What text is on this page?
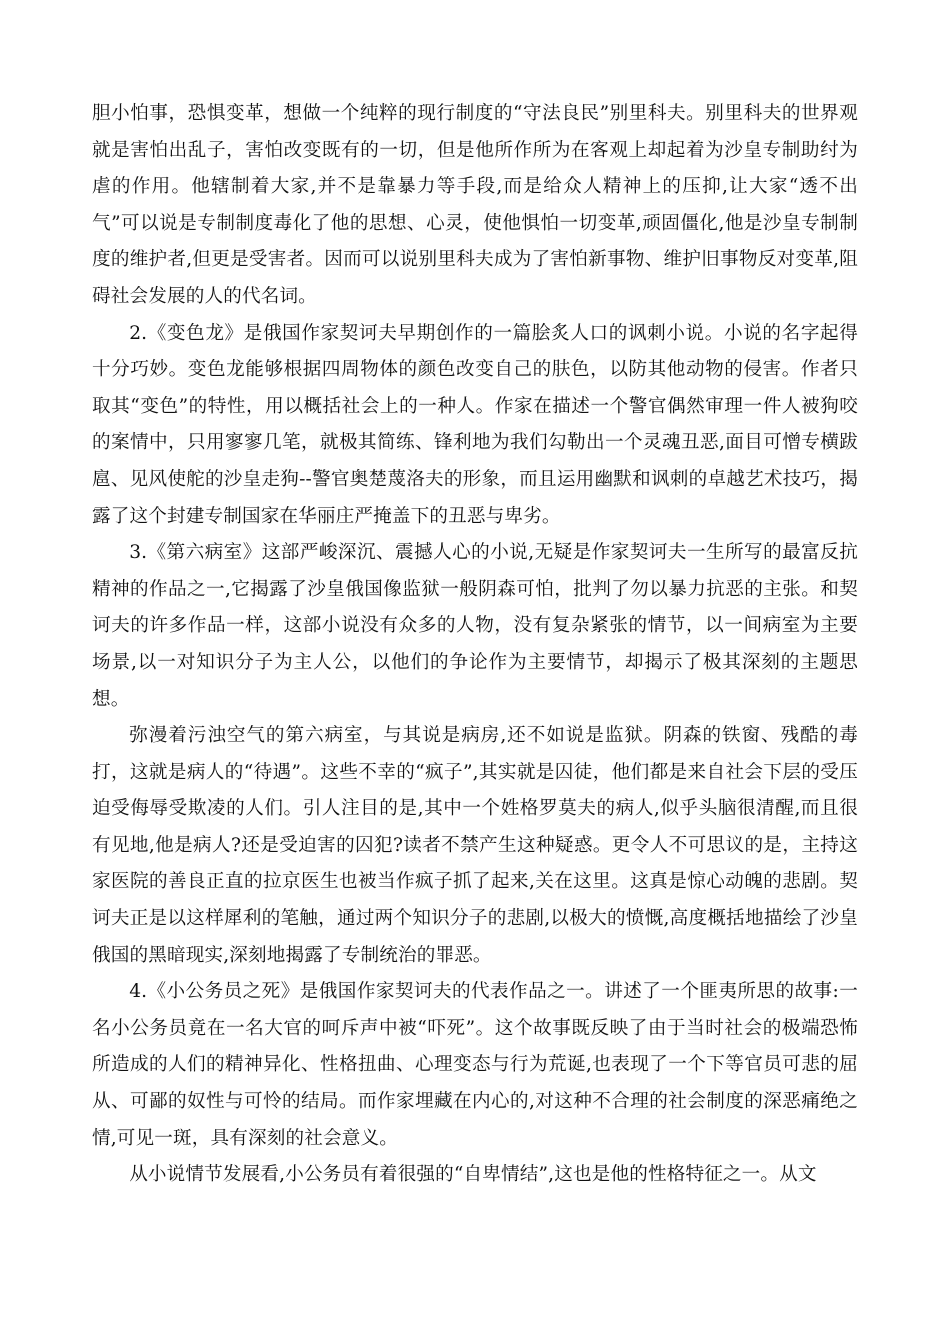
胆小怕事，恐惧变革，想做一个纯粹的现行制度的“守法良民”别里科夫。别里科夫的世界观就是害怕出乱子，害怕改变既有的一切，但是他所作所为在客观上却起着为沙皇专制助纣为虐的作用。他辖制着大家,并不是靠暴力等手段,而是给众人精神上的压抑,让大家“透不出气”可以说是专制制度毒化了他的思想、心灵，使他惧怕一切变革,顽固僵化,他是沙皇专制制度的维护者,但更是受害者。因而可以说别里科夫成为了害怕新事物、维护旧事物反对变革,阻碍社会发展的人的代名词。

2.《变色龙》是俄国作家契诃夫早期创作的一篇脍炙人口的讽刺小说。小说的名字起得十分巧妙。变色龙能够根据四周物体的颜色改变自己的肤色，以防其他动物的侵害。作者只取其“变色”的特性，用以概括社会上的一种人。作家在描述一个警官偶然审理一件人被狗咬的案情中，只用寥寥几笔，就极其简练、锋利地为我们勾勒出一个灵魂丑恶,面目可憎专横跋扈、见风使舵的沙皇走狗--警官奥楚蔑洛夫的形象，而且运用幽默和讽刺的卓越艺术技巧，揭露了这个封建专制国家在华丽庄严掩盖下的丑恶与卑劣。

3.《第六病室》这部严峻深沉、震撼人心的小说,无疑是作家契诃夫一生所写的最富反抗精神的作品之一,它揭露了沙皇俄国像监狱一般阴森可怕，批判了勿以暴力抗恶的主张。和契诃夫的许多作品一样，这部小说没有众多的人物，没有复杂紧张的情节，以一间病室为主要场景,以一对知识分子为主人公，以他们的争论作为主要情节，却揭示了极其深刻的主题思想。

弥漫着污浊空气的第六病室，与其说是病房,还不如说是监狱。阴森的铁窗、残酷的毒打，这就是病人的“待遇”。这些不幸的“疯子”,其实就是囚徒，他们都是来自社会下层的受压迫受侮辱受欺凌的人们。引人注目的是,其中一个姓格罗莫夫的病人,似乎头脑很清醒,而且很有见地,他是病人?还是受迫害的囚犯?读者不禁产生这种疑惑。更令人不可思议的是，主持这家医院的善良正直的拉京医生也被当作疯子抓了起来,关在这里。这真是惊心动魄的悲剧。契诃夫正是以这样犀利的笔触，通过两个知识分子的悲剧,以极大的愤慨,高度概括地描绘了沙皇俄国的黑暗现实,深刻地揭露了专制统治的罪恶。

4.《小公务员之死》是俄国作家契诃夫的代表作品之一。讲述了一个匪夷所思的故事:一名小公务员竟在一名大官的呵斥声中被“吓死”。这个故事既反映了由于当时社会的极端恐怖所造成的人们的精神异化、性格扭曲、心理变态与行为荒诞,也表现了一个下等官员可悲的屈从、可鄙的奴性与可怜的结局。而作家埋藏在内心的,对这种不合理的社会制度的深恶痛绝之情,可见一斑，具有深刻的社会意义。

从小说情节发展看,小公务员有着很强的“自卑情结”,这也是他的性格特征之一。从文
